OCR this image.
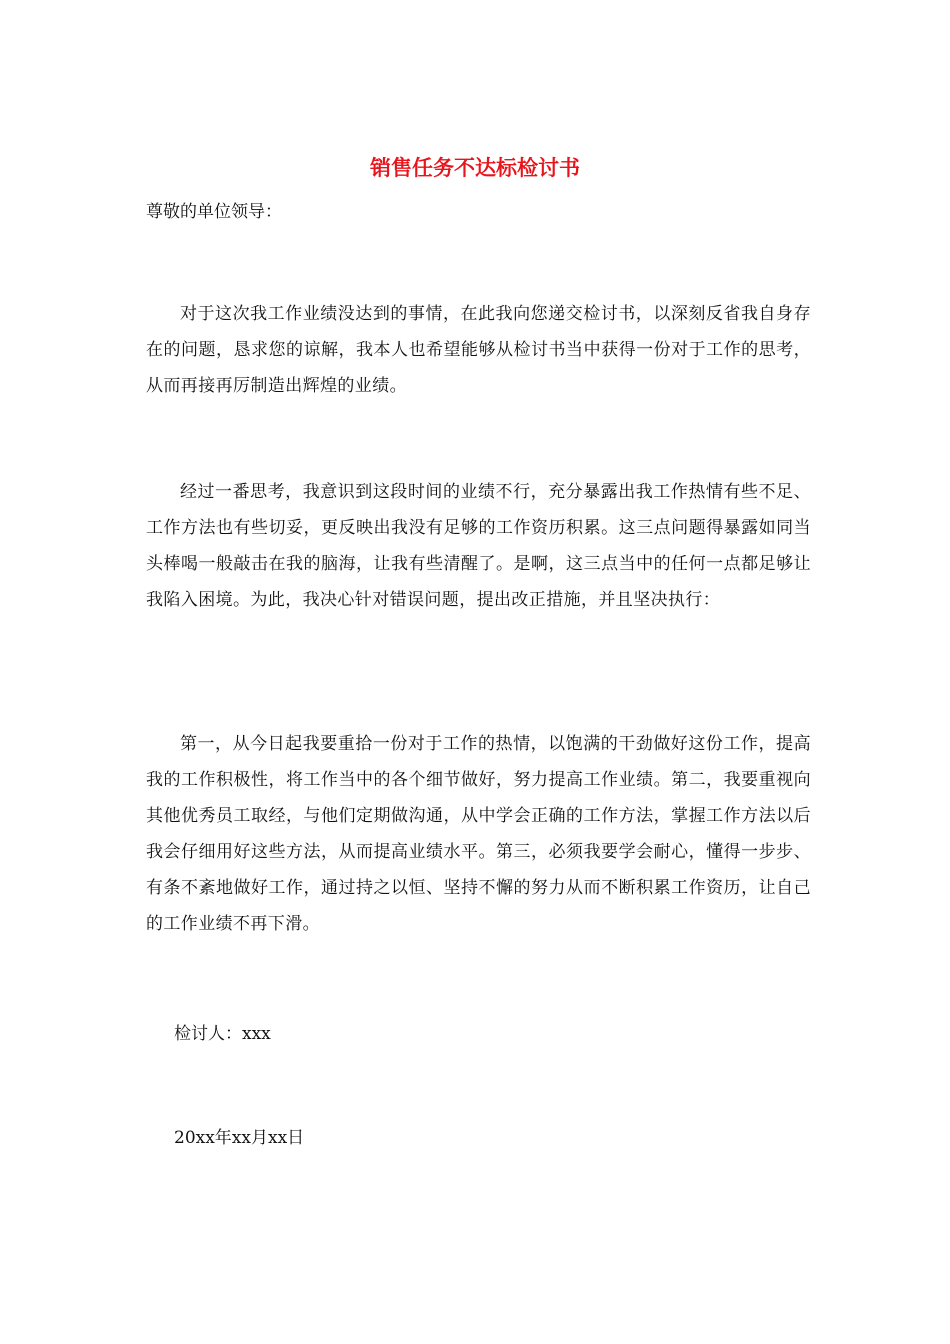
销售任务不达标检讨书

尊敬的单位领导：

对于这次我工作业绩没达到的事情，在此我向您递交检讨书，以深刻反省我自身存在的问题，恳求您的谅解，我本人也希望能够从检讨书当中获得一份对于工作的思考，从而再接再厉制造出辉煌的业绩。

经过一番思考，我意识到这段时间的业绩不行，充分暴露出我工作热情有些不足、工作方法也有些切妥，更反映出我没有足够的工作资历积累。这三点问题得暴露如同当头棒喝一般敲击在我的脑海，让我有些清醒了。是啊，这三点当中的任何一点都足够让我陷入困境。为此，我决心针对错误问题，提出改正措施，并且坚决执行：

第一，从今日起我要重拾一份对于工作的热情，以饱满的干劲做好这份工作，提高我的工作积极性，将工作当中的各个细节做好，努力提高工作业绩。第二，我要重视向其他优秀员工取经，与他们定期做沟通，从中学会正确的工作方法，掌握工作方法以后我会仔细用好这些方法，从而提高业绩水平。第三，必须我要学会耐心，懂得一步步、有条不紊地做好工作，通过持之以恒、坚持不懈的努力从而不断积累工作资历，让自己的工作业绩不再下滑。

检讨人：xxx

20xx年xx月xx日
